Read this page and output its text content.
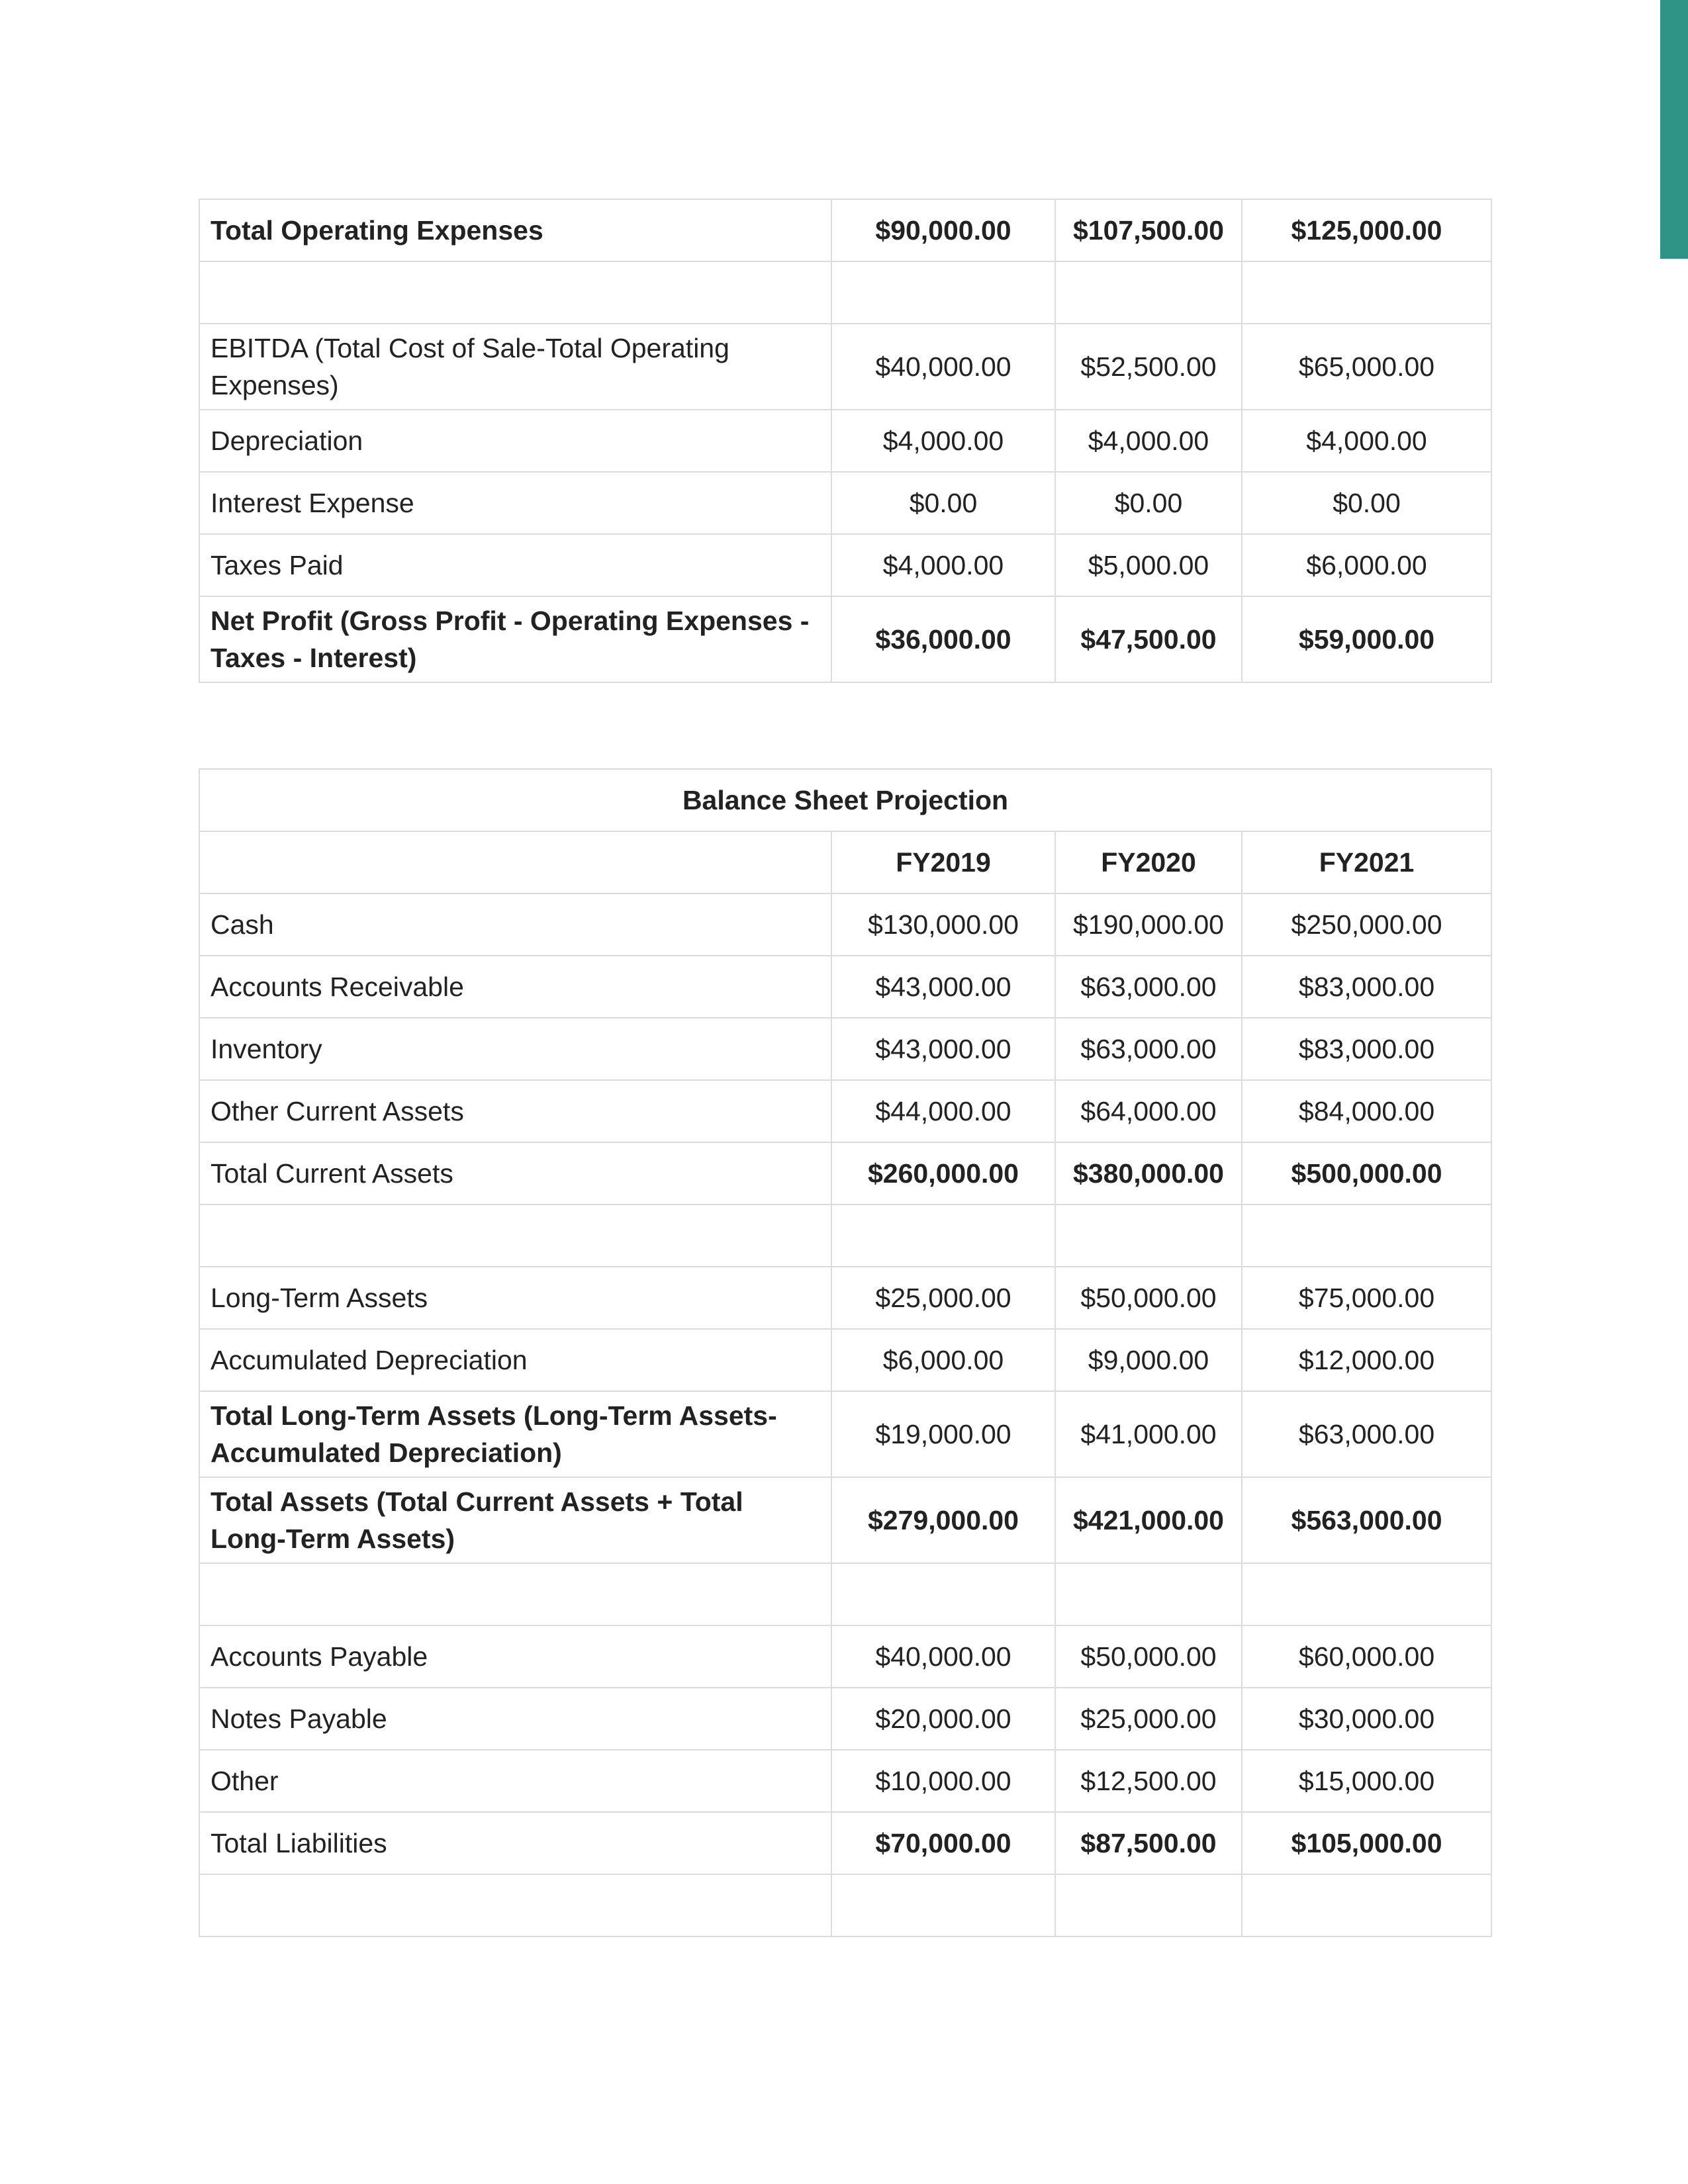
Total Operating Expenses	$90,000.00	$107,500.00	$125,000.00

EBITDA (Total Cost of Sale-Total Operating Expenses)	$40,000.00	$52,500.00	$65,000.00
Depreciation	$4,000.00	$4,000.00	$4,000.00
Interest Expense	$0.00	$0.00	$0.00
Taxes Paid	$4,000.00	$5,000.00	$6,000.00
Net Profit (Gross Profit - Operating Expenses - Taxes - Interest)	$36,000.00	$47,500.00	$59,000.00
Balance Sheet Projection			
	FY2019	FY2020	FY2021
Cash	$130,000.00	$190,000.00	$250,000.00
Accounts Receivable	$43,000.00	$63,000.00	$83,000.00
Inventory	$43,000.00	$63,000.00	$83,000.00
Other Current Assets	$44,000.00	$64,000.00	$84,000.00
Total Current Assets	$260,000.00	$380,000.00	$500,000.00

Long-Term Assets	$25,000.00	$50,000.00	$75,000.00
Accumulated Depreciation	$6,000.00	$9,000.00	$12,000.00
Total Long-Term Assets (Long-Term Assets-Accumulated Depreciation)	$19,000.00	$41,000.00	$63,000.00
Total Assets (Total Current Assets + Total Long-Term Assets)	$279,000.00	$421,000.00	$563,000.00

Accounts Payable	$40,000.00	$50,000.00	$60,000.00
Notes Payable	$20,000.00	$25,000.00	$30,000.00
Other	$10,000.00	$12,500.00	$15,000.00
Total Liabilities	$70,000.00	$87,500.00	$105,000.00
